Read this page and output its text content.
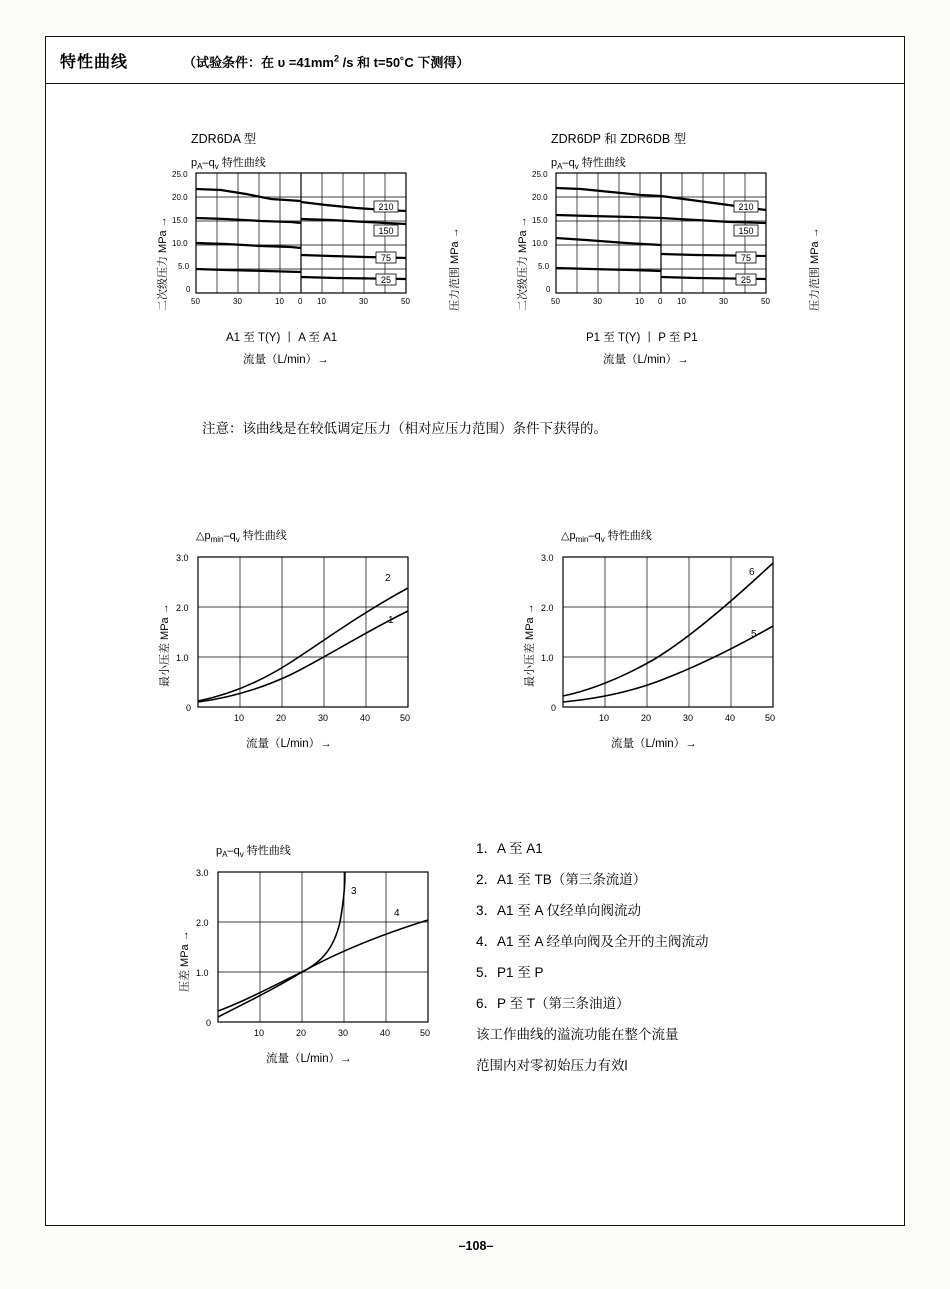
特性曲线	（试验条件：在 $\upsilon =41mm^2$ /s 和 t=50˚C 下测得）
ZDR6DA 型
$p_A-q_v$ 特性曲线
二次级压力 MPa →	压力范围 MPa →
25.0
20.0
15.0
10.0
5.0
0
210
150
75
25
50	30	10 0 10	30	50
A1 至 T(Y) 丨 A 至 A1
流量（L/min）→
ZDR6DP 和 ZDR6DB 型
$p_A-q_v$ 特性曲线
二次级压力 MPa →	压力范围 MPa →
25.0
20.0
15.0
10.0
5.0
0
210
150
75
25
50	30	10 0 10	30	50
P1 至 T(Y) 丨 P 至 P1
流量（L/min）→
注意：该曲线是在较低调定压力（相对应压力范围）条件下获得的。
$\triangle p_{min}-q_v$ 特性曲线
最小压差 MPa →
3.0
2.0
1.0
0
2
1
10	20	30	40	50
流量（L/min）→
$\triangle p_{min}-q_v$ 特性曲线
最小压差 MPa →
3.0
2.0
1.0
0
6
5
10	20	30	40	50
流量（L/min）→
$p_A-q_v$ 特性曲线
压差 MPa →
3.0
2.0
1.0
0
3
4
10	20	30	40	50
流量（L/min）→
1．A 至 A1
2．A1 至 TB（第三条流道）
3．A1 至 A 仅经单向阀流动
4．A1 至 A 经单向阀及全开的主阀流动
5．P1 至 P
6．P 至 T（第三条油道）
该工作曲线的溢流功能在整个流量
范围内对零初始压力有效l
–108–
